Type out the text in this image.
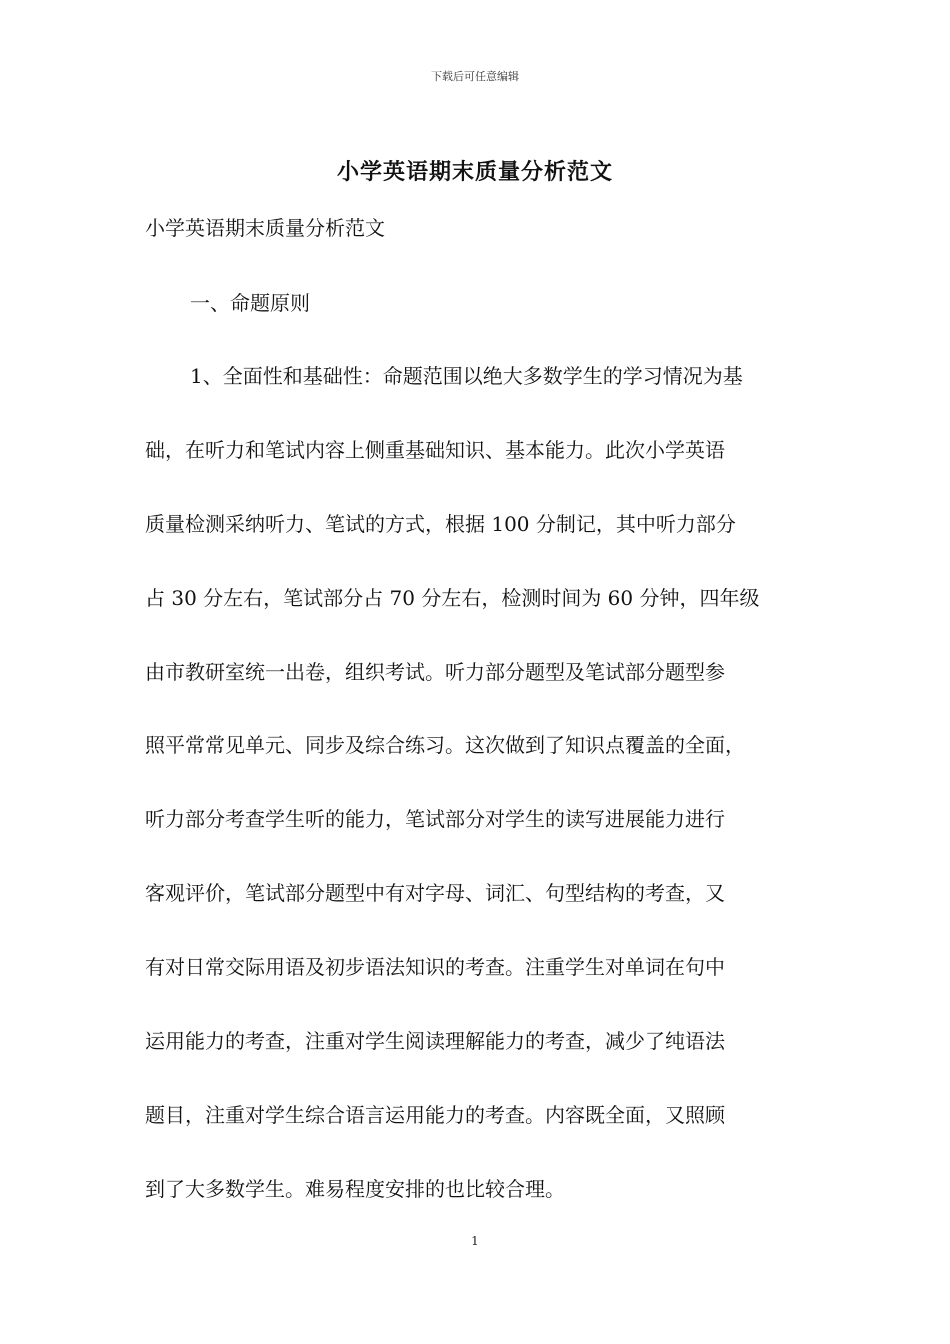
下载后可任意编辑
小学英语期末质量分析范文

小学英语期末质量分析范文

一、命题原则

1、全面性和基础性：命题范围以绝大多数学生的学习情况为基
础，在听力和笔试内容上侧重基础知识、基本能力。此次小学英语
质量检测采纳听力、笔试的方式，根据 100 分制记，其中听力部分
占 30 分左右，笔试部分占 70 分左右，检测时间为 60 分钟，四年级
由市教研室统一出卷，组织考试。听力部分题型及笔试部分题型参
照平常常见单元、同步及综合练习。这次做到了知识点覆盖的全面，
听力部分考查学生听的能力，笔试部分对学生的读写进展能力进行
客观评价，笔试部分题型中有对字母、词汇、句型结构的考查，又
有对日常交际用语及初步语法知识的考查。注重学生对单词在句中
运用能力的考查，注重对学生阅读理解能力的考查，减少了纯语法
题目，注重对学生综合语言运用能力的考查。内容既全面，又照顾
到了大多数学生。难易程度安排的也比较合理。
1
